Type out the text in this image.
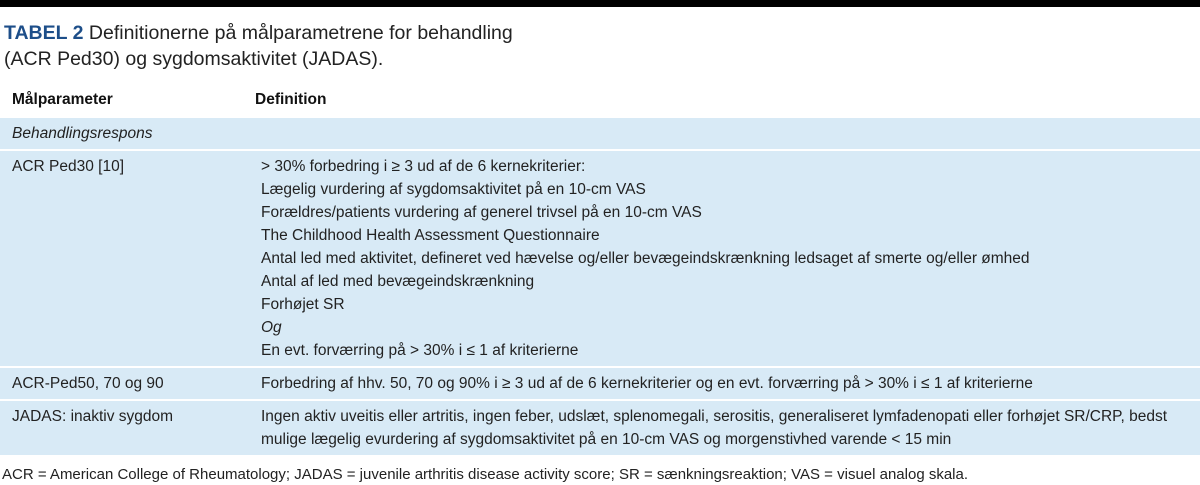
TABEL 2 Definitionerne på målparametrene for behandling
(ACR Ped30) og sygdomsaktivitet (JADAS).

Målparameter	Definition
Behandlingsrespons
ACR Ped30 [10]	> 30% forbedring i ≥ 3 ud af de 6 kernekriterier:
Lægelig vurdering af sygdomsaktivitet på en 10-cm VAS
Forældres/patients vurdering af generel trivsel på en 10-cm VAS
The Childhood Health Assessment Questionnaire
Antal led med aktivitet, defineret ved hævelse og/eller bevægeindskrænkning ledsaget af smerte og/eller ømhed
Antal af led med bevægeindskrænkning
Forhøjet SR
Og
En evt. forværring på > 30% i ≤ 1 af kriterierne
ACR-Ped50, 70 og 90	Forbedring af hhv. 50, 70 og 90% i ≥ 3 ud af de 6 kernekriterier og en evt. forværring på > 30% i ≤ 1 af kriterierne
JADAS: inaktiv sygdom	Ingen aktiv uveitis eller artritis, ingen feber, udslæt, splenomegali, serositis, generaliseret lymfadenopati eller forhøjet SR/CRP, bedst mulige lægelig evurdering af sygdomsaktivitet på en 10-cm VAS og morgenstivhed varende < 15 min

ACR = American College of Rheumatology; JADAS = juvenile arthritis disease activity score; SR = sænkningsreaktion; VAS = visuel analog skala.
